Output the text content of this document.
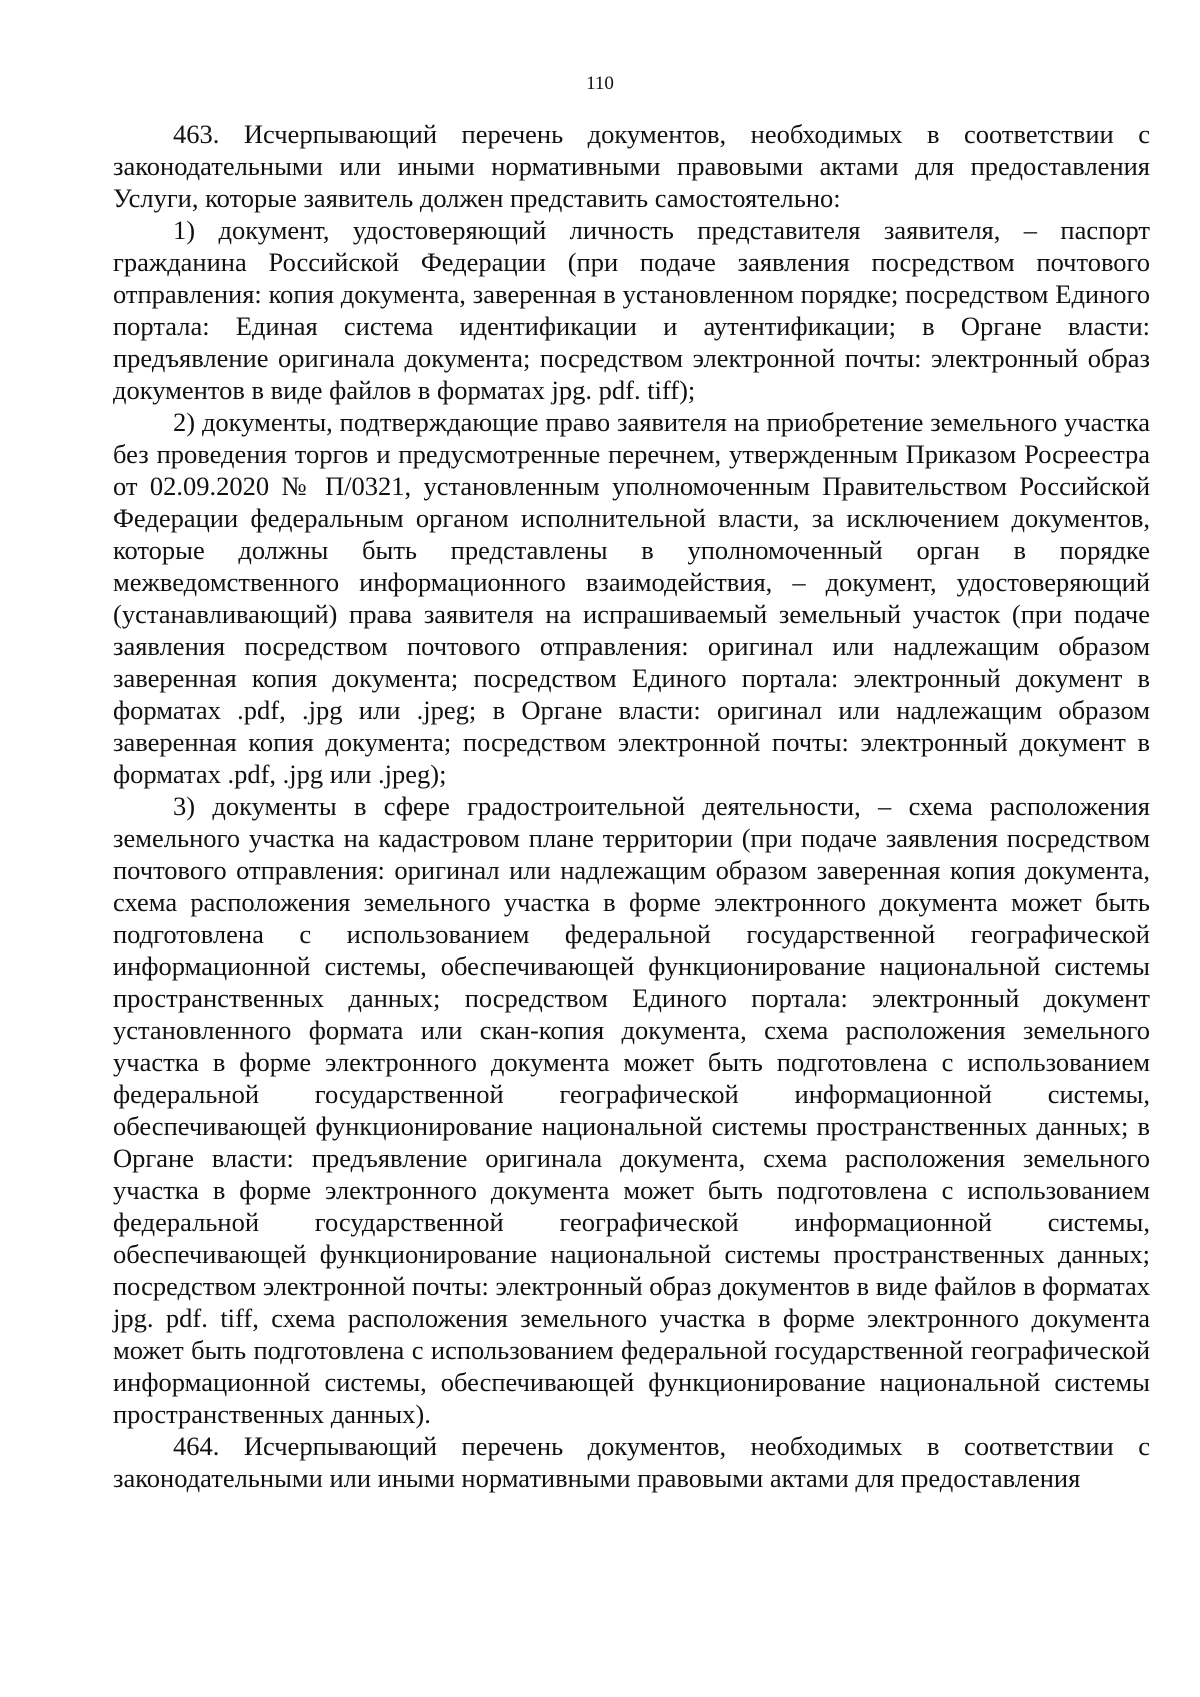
110

463. Исчерпывающий перечень документов, необходимых в соответствии с законодательными или иными нормативными правовыми актами для предоставления Услуги, которые заявитель должен представить самостоятельно:

1) документ, удостоверяющий личность представителя заявителя, – паспорт гражданина Российской Федерации (при подаче заявления посредством почтового отправления: копия документа, заверенная в установленном порядке; посредством Единого портала: Единая система идентификации и аутентификации; в Органе власти: предъявление оригинала документа; посредством электронной почты: электронный образ документов в виде файлов в форматах jpg. pdf. tiff);

2) документы, подтверждающие право заявителя на приобретение земельного участка без проведения торгов и предусмотренные перечнем, утвержденным Приказом Росреестра от 02.09.2020 № П/0321, установленным уполномоченным Правительством Российской Федерации федеральным органом исполнительной власти, за исключением документов, которые должны быть представлены в уполномоченный орган в порядке межведомственного информационного взаимодействия, – документ, удостоверяющий (устанавливающий) права заявителя на испрашиваемый земельный участок (при подаче заявления посредством почтового отправления: оригинал или надлежащим образом заверенная копия документа; посредством Единого портала: электронный документ в форматах .pdf, .jpg или .jpeg; в Органе власти: оригинал или надлежащим образом заверенная копия документа; посредством электронной почты: электронный документ в форматах .pdf, .jpg или .jpeg);

3) документы в сфере градостроительной деятельности, – схема расположения земельного участка на кадастровом плане территории (при подаче заявления посредством почтового отправления: оригинал или надлежащим образом заверенная копия документа, схема расположения земельного участка в форме электронного документа может быть подготовлена с использованием федеральной государственной географической информационной системы, обеспечивающей функционирование национальной системы пространственных данных; посредством Единого портала: электронный документ установленного формата или скан-копия документа, схема расположения земельного участка в форме электронного документа может быть подготовлена с использованием федеральной государственной географической информационной системы, обеспечивающей функционирование национальной системы пространственных данных; в Органе власти: предъявление оригинала документа, схема расположения земельного участка в форме электронного документа может быть подготовлена с использованием федеральной государственной географической информационной системы, обеспечивающей функционирование национальной системы пространственных данных; посредством электронной почты: электронный образ документов в виде файлов в форматах jpg. pdf. tiff, схема расположения земельного участка в форме электронного документа может быть подготовлена с использованием федеральной государственной географической информационной системы, обеспечивающей функционирование национальной системы пространственных данных).

464. Исчерпывающий перечень документов, необходимых в соответствии с законодательными или иными нормативными правовыми актами для предоставления
